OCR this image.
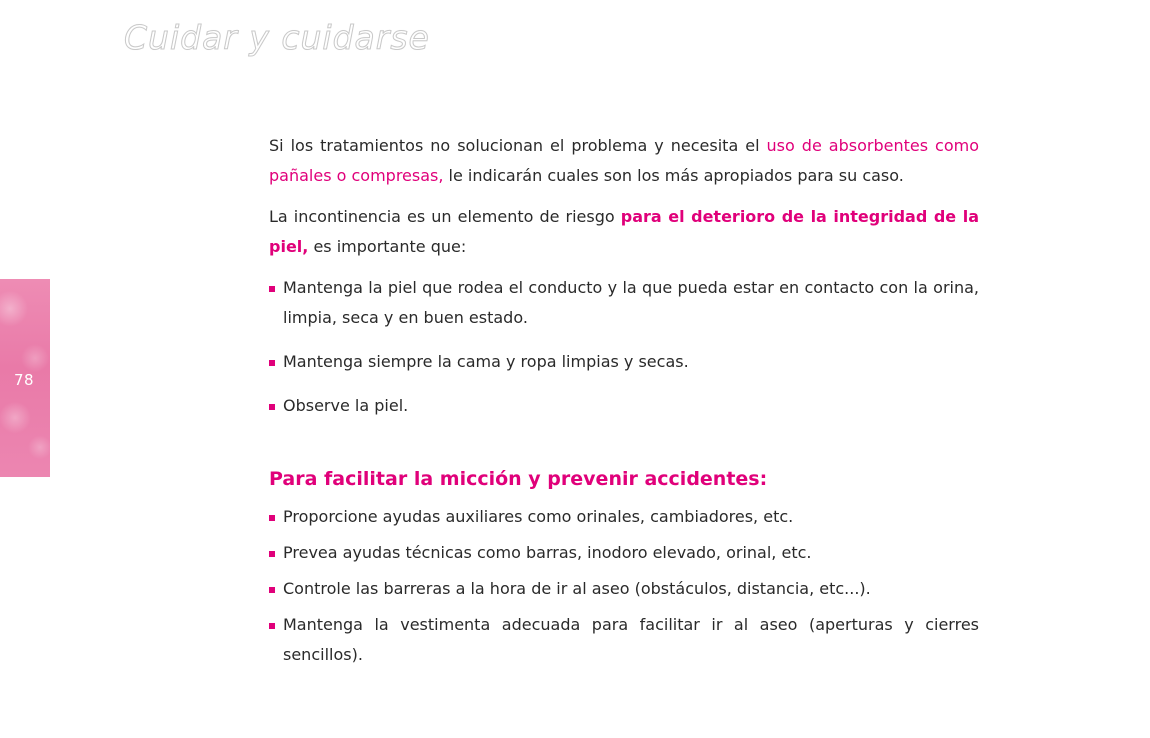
Cuidar y cuidarse
78

Si los tratamientos no solucionan el problema y necesita el uso de absorbentes como pañales o compresas, le indicarán cuales son los más apropiados para su caso.

La incontinencia es un elemento de riesgo para el deterioro de la integridad de la piel, es importante que:

Mantenga la piel que rodea el conducto y la que pueda estar en contacto con la orina, limpia, seca y en buen estado.
Mantenga siempre la cama y ropa limpias y secas.
Observe la piel.
Para facilitar la micción y prevenir accidentes:
Proporcione ayudas auxiliares como orinales, cambiadores, etc.
Prevea ayudas técnicas como barras, inodoro elevado, orinal, etc.
Controle las barreras a la hora de ir al aseo (obstáculos, distancia, etc...).
Mantenga la vestimenta adecuada para facilitar ir al aseo (aperturas y cierres sencillos).
